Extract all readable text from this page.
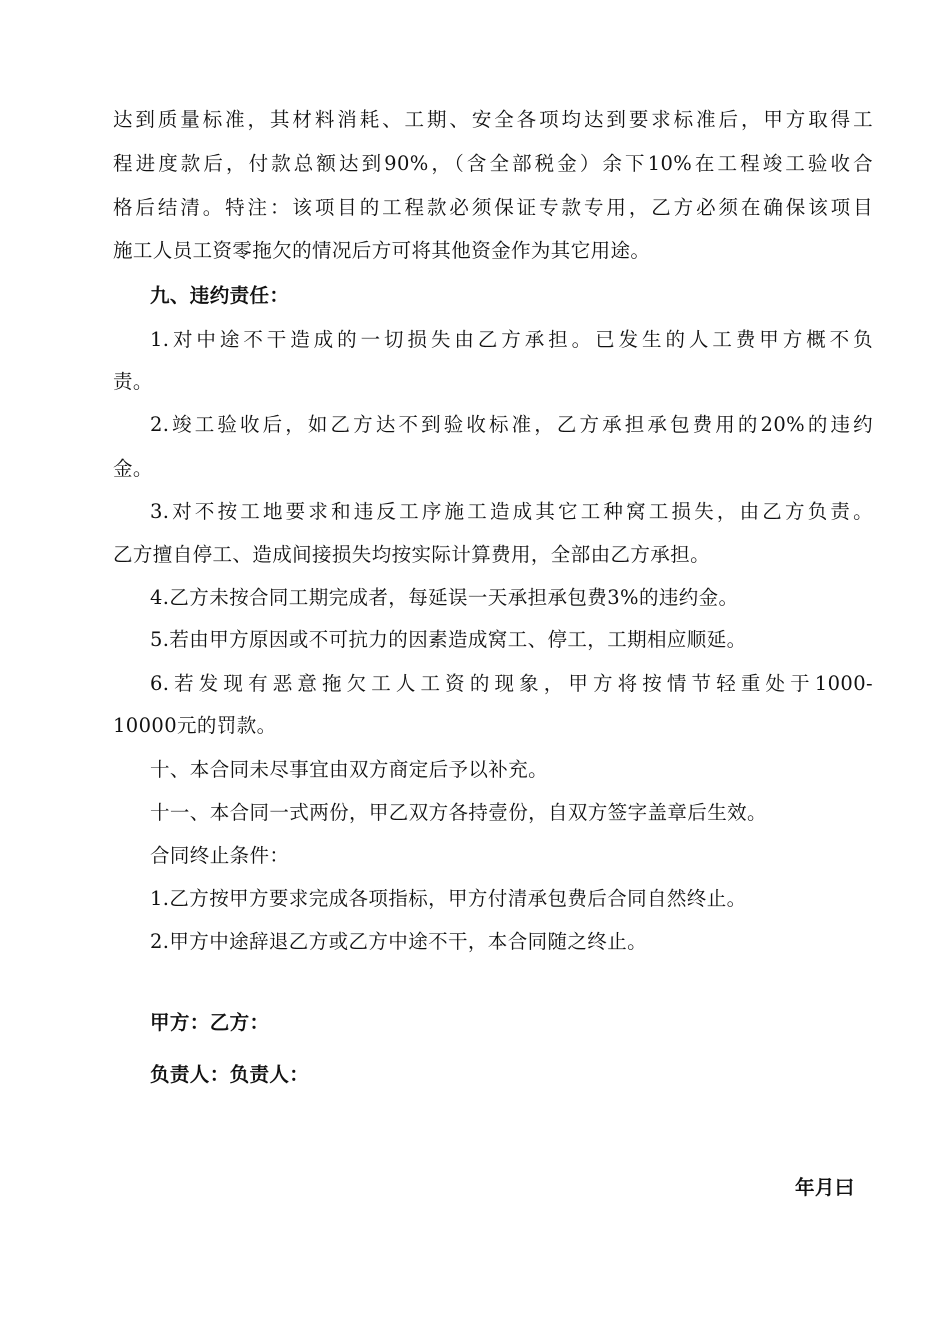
达到质量标准，其材料消耗、工期、安全各项均达到要求标准后，甲方取得工
程进度款后，付款总额达到90%，（含全部税金）余下10%在工程竣工验收合
格后结清。特注：该项目的工程款必须保证专款专用，乙方必须在确保该项目
施工人员工资零拖欠的情况后方可将其他资金作为其它用途。
九、违约责任：
1.对中途不干造成的一切损失由乙方承担。已发生的人工费甲方概不负
责。
2.竣工验收后，如乙方达不到验收标准，乙方承担承包费用的20%的违约
金。
3.对不按工地要求和违反工序施工造成其它工种窝工损失，由乙方负责。
乙方擅自停工、造成间接损失均按实际计算费用，全部由乙方承担。
4.乙方未按合同工期完成者，每延误一天承担承包费3%的违约金。
5.若由甲方原因或不可抗力的因素造成窝工、停工，工期相应顺延。
6.若发现有恶意拖欠工人工资的现象，甲方将按情节轻重处于1000-
10000元的罚款。
十、本合同未尽事宜由双方商定后予以补充。
十一、本合同一式两份，甲乙双方各持壹份，自双方签字盖章后生效。
合同终止条件：
1.乙方按甲方要求完成各项指标，甲方付清承包费后合同自然终止。
2.甲方中途辞退乙方或乙方中途不干，本合同随之终止。
甲方：乙方：
负责人：负责人：
年月曰
